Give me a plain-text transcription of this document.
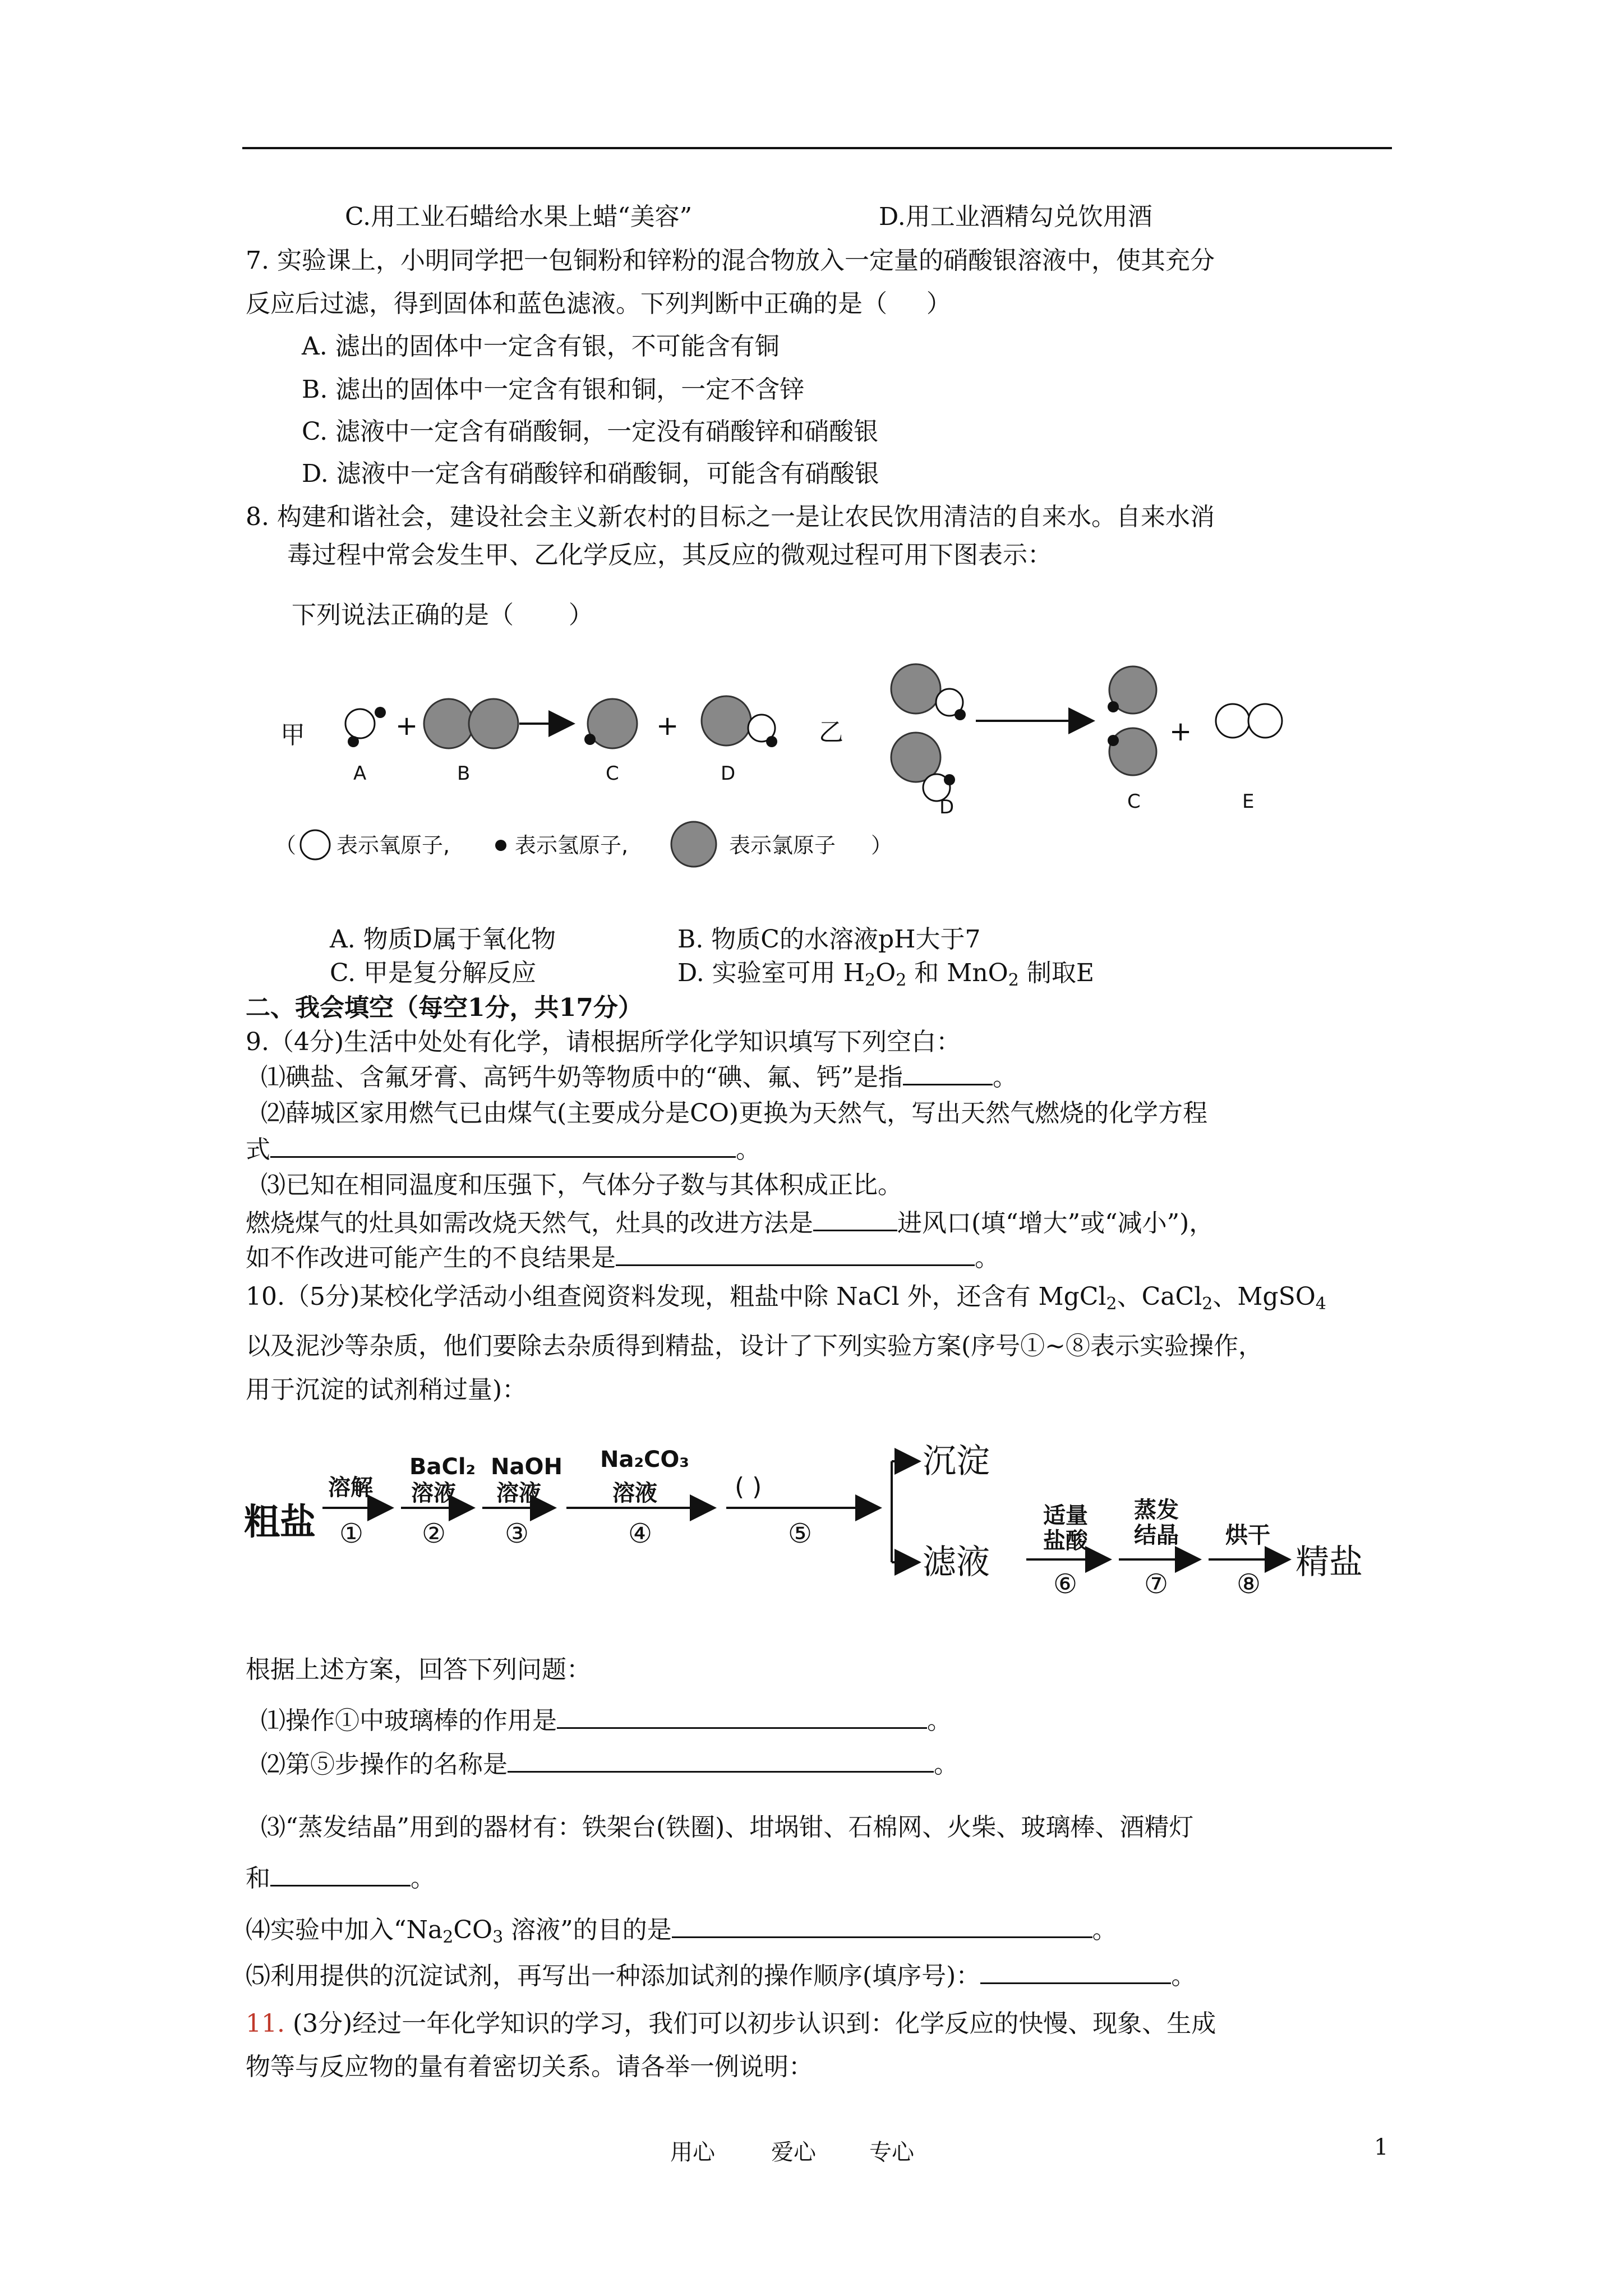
C.用工业石蜡给水果上蜡“美容”	D.用工业酒精勾兑饮用酒
7. 实验课上，小明同学把一包铜粉和锌粉的混合物放入一定量的硝酸银溶液中，使其充分
反应后过滤，得到固体和蓝色滤液。下列判断中正确的是（     ）
A. 滤出的固体中一定含有银，不可能含有铜
B. 滤出的固体中一定含有银和铜，一定不含锌
C. 滤液中一定含有硝酸铜，一定没有硝酸锌和硝酸银
D. 滤液中一定含有硝酸锌和硝酸铜，可能含有硝酸银
8. 构建和谐社会，建设社会主义新农村的目标之一是让农民饮用清洁的自来水。自来水消
毒过程中常会发生甲、乙化学反应，其反应的微观过程可用下图表示：
下列说法正确的是（       ）
甲	乙
+	+	+
A	B	C	D
D	C	E
（ 表示氧原子,	表示氢原子,	表示氯原子 ）
A. 物质D属于氧化物	B. 物质C的水溶液pH大于7
C. 甲是复分解反应	D. 实验室可用 $H_2O_2$ 和 MnO$_2$ 制取E
二、我会填空（每空1分，共17分）
9.（4分)生活中处处有化学，请根据所学化学知识填写下列空白：
⑴碘盐、含氟牙膏、高钙牛奶等物质中的“碘、氟、钙”是指	。
⑵薛城区家用燃气已由煤气(主要成分是CO)更换为天然气，写出天然气燃烧的化学方程
式	。
⑶已知在相同温度和压强下，气体分子数与其体积成正比。
燃烧煤气的灶具如需改烧天然气，灶具的改进方法是	进风口(填“增大”或“减小”)，
如不作改进可能产生的不良结果是	。
10.（5分)某校化学活动小组查阅资料发现，粗盐中除 NaCl 外，还含有 MgCl$_2$、CaCl$_2$、MgSO$_4$
以及泥沙等杂质，他们要除去杂质得到精盐，设计了下列实验方案(序号①~⑧表示实验操作，
用于沉淀的试剂稍过量)：
粗盐
溶解
①
BaCl₂
溶液
②
NaOH
溶液
③
Na₂CO₃
溶液
④
( )
⑤
沉淀
滤液
适量
盐酸
⑥
蒸发
结晶
⑦
烘干
⑧
精盐
根据上述方案，回答下列问题：
⑴操作①中玻璃棒的作用是	。
⑵第⑤步操作的名称是	。
⑶“蒸发结晶”用到的器材有：铁架台(铁圈)、坩埚钳、石棉网、火柴、玻璃棒、酒精灯
和	。
⑷实验中加入“$Na_2CO_3$ 溶液”的目的是	。
⑸利用提供的沉淀试剂，再写出一种添加试剂的操作顺序(填序号)：	。
11. (3分)经过一年化学知识的学习，我们可以初步认识到：化学反应的快慢、现象、生成
物等与反应物的量有着密切关系。请各举一例说明：
用心	爱心 专心	1
